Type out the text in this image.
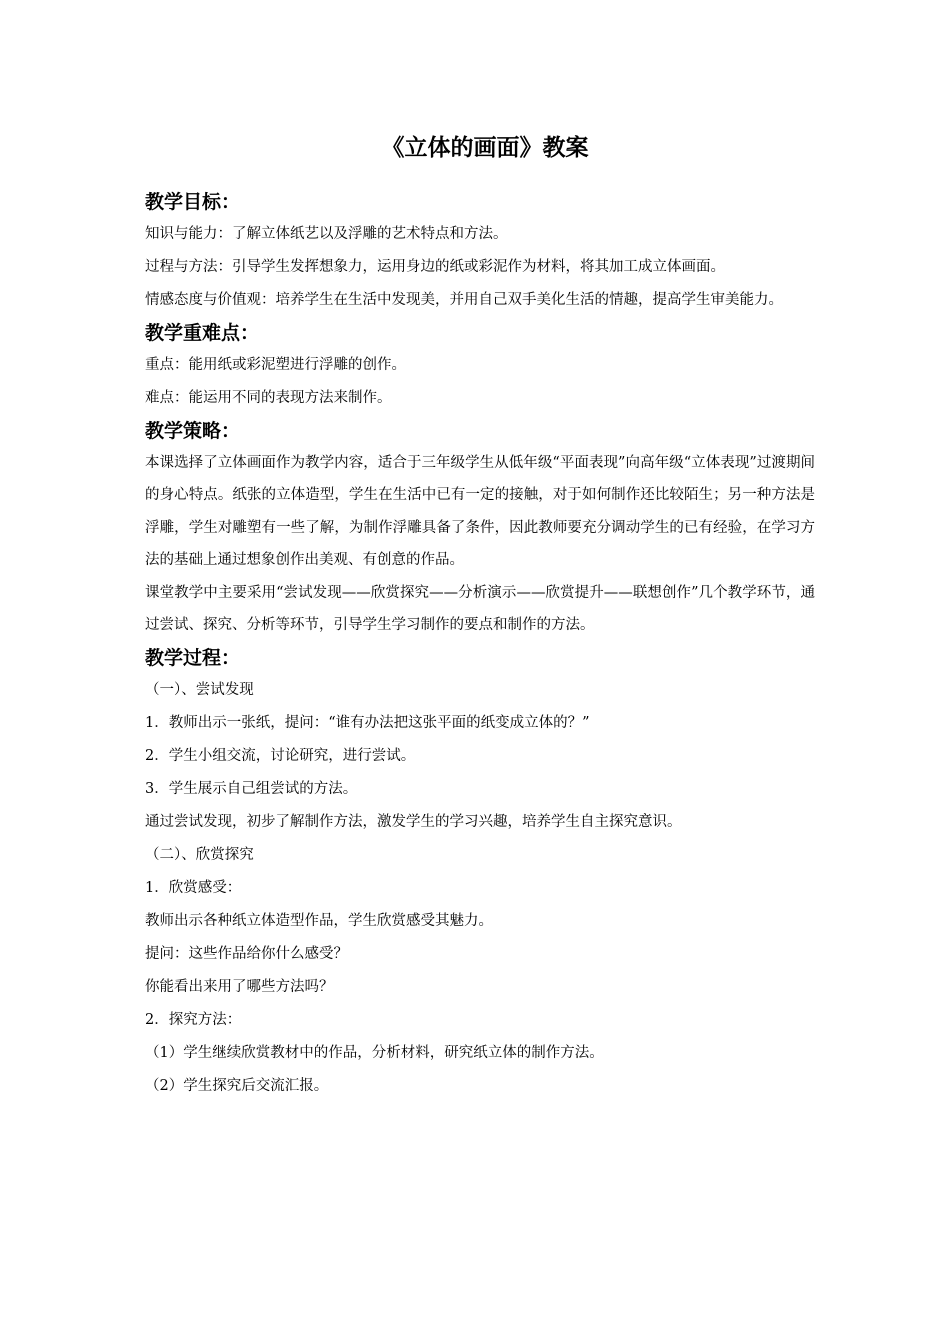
《立体的画面》教案
教学目标：

知识与能力：了解立体纸艺以及浮雕的艺术特点和方法。

过程与方法：引导学生发挥想象力，运用身边的纸或彩泥作为材料，将其加工成立体画面。

情感态度与价值观：培养学生在生活中发现美，并用自己双手美化生活的情趣，提高学生审美能力。

教学重难点：

重点：能用纸或彩泥塑进行浮雕的创作。

难点：能运用不同的表现方法来制作。

教学策略：

本课选择了立体画面作为教学内容，适合于三年级学生从低年级“平面表现”向高年级“立体表现”过渡期间的身心特点。纸张的立体造型，学生在生活中已有一定的接触，对于如何制作还比较陌生；另一种方法是浮雕，学生对雕塑有一些了解，为制作浮雕具备了条件，因此教师要充分调动学生的已有经验，在学习方法的基础上通过想象创作出美观、有创意的作品。

课堂教学中主要采用“尝试发现——欣赏探究——分析演示——欣赏提升——联想创作”几个教学环节，通过尝试、探究、分析等环节，引导学生学习制作的要点和制作的方法。

教学过程：

（一）、尝试发现

1．教师出示一张纸，提问：“谁有办法把这张平面的纸变成立体的？”

2．学生小组交流，讨论研究，进行尝试。

3．学生展示自己组尝试的方法。

通过尝试发现，初步了解制作方法，激发学生的学习兴趣，培养学生自主探究意识。

（二）、欣赏探究

1．欣赏感受：

教师出示各种纸立体造型作品，学生欣赏感受其魅力。

提问：这些作品给你什么感受？

你能看出来用了哪些方法吗？

2．探究方法：

（1）学生继续欣赏教材中的作品，分析材料，研究纸立体的制作方法。

（2）学生探究后交流汇报。
